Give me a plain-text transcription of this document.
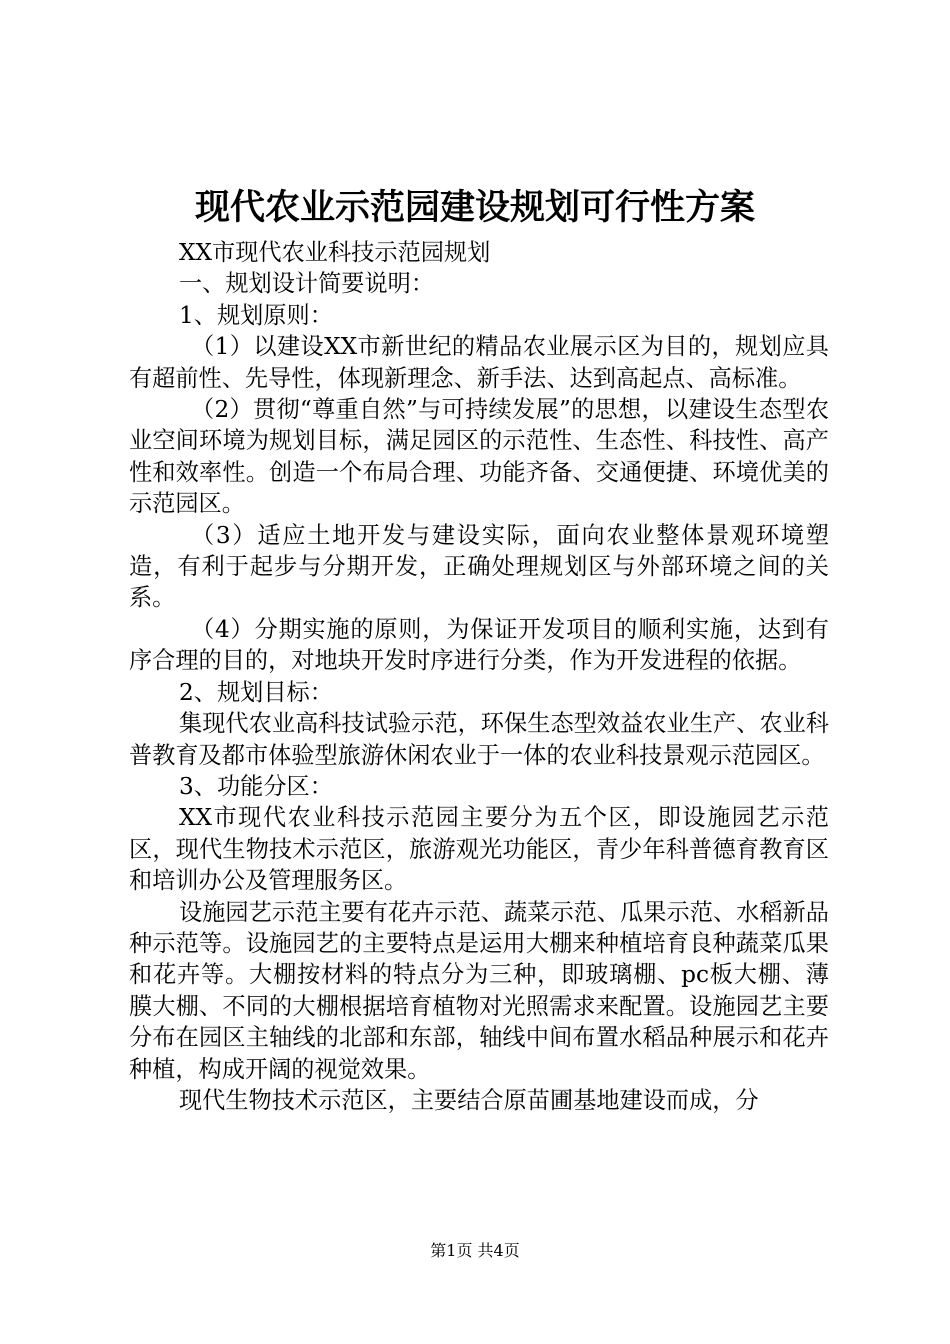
现代农业示范园建设规划可行性方案

XX市现代农业科技示范园规划

一、规划设计简要说明：

1、规划原则：

（1）以建设XX市新世纪的精品农业展示区为目的，规划应具有超前性、先导性，体现新理念、新手法、达到高起点、高标准。

（2）贯彻“尊重自然”与可持续发展”的思想，以建设生态型农业空间环境为规划目标，满足园区的示范性、生态性、科技性、高产性和效率性。创造一个布局合理、功能齐备、交通便捷、环境优美的示范园区。

（3）适应土地开发与建设实际，面向农业整体景观环境塑造，有利于起步与分期开发，正确处理规划区与外部环境之间的关系。

（4）分期实施的原则，为保证开发项目的顺利实施，达到有序合理的目的，对地块开发时序进行分类，作为开发进程的依据。

2、规划目标：

集现代农业高科技试验示范，环保生态型效益农业生产、农业科普教育及都市体验型旅游休闲农业于一体的农业科技景观示范园区。

3、功能分区：

XX市现代农业科技示范园主要分为五个区，即设施园艺示范区，现代生物技术示范区，旅游观光功能区，青少年科普德育教育区和培训办公及管理服务区。

设施园艺示范主要有花卉示范、蔬菜示范、瓜果示范、水稻新品种示范等。设施园艺的主要特点是运用大棚来种植培育良种蔬菜瓜果和花卉等。大棚按材料的特点分为三种，即玻璃棚、pc板大棚、薄膜大棚、不同的大棚根据培育植物对光照需求来配置。设施园艺主要分布在园区主轴线的北部和东部，轴线中间布置水稻品种展示和花卉种植，构成开阔的视觉效果。

现代生物技术示范区，主要结合原苗圃基地建设而成，分

第1页 共4页
